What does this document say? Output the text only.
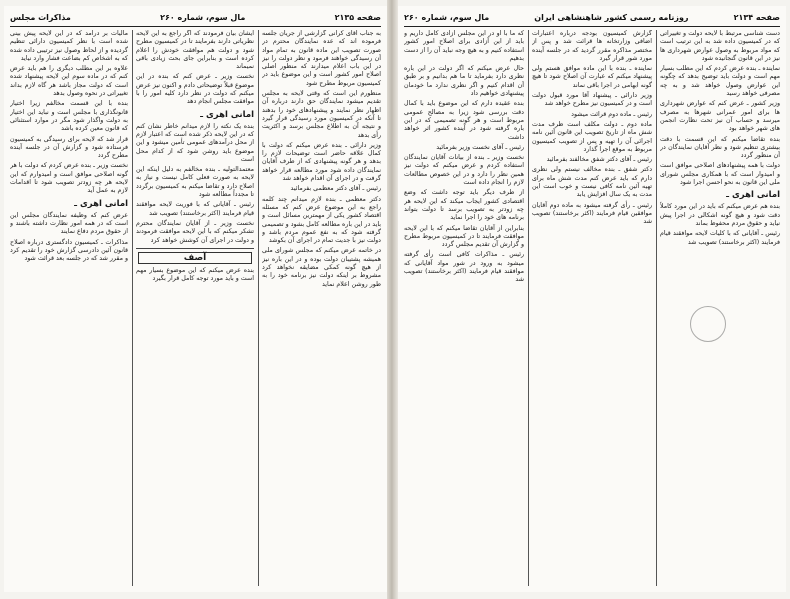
صفحه ۲۱۳۵
مال سوم، شماره ۲۶۰
مذاکرات مجلس

مالیات بر درآمد که در این لایحه پیش بینی شده است با نظر کمیسیون دارائی تنظیم گردیده و از لحاظ وصول نیز ترتیبی داده شده که به اشخاص کم بضاعت فشار وارد نیاید

علاوه بر این مطلب دیگری را هم باید عرض کنم که در ماده سوم این لایحه پیشنهاد شده است که دولت مجاز باشد هر گاه لازم بداند تغییراتی در نحوه وصول بدهد

بنده با این قسمت مخالفم زیرا اختیار قانونگذاری با مجلس است و نباید این اختیار به دولت واگذار شود مگر در موارد استثنائی که قانون معین کرده باشد

قرار شد که لایحه برای رسیدگی به کمیسیون فرستاده شود و گزارش آن در جلسه آینده مطرح گردد

نخست وزیر ـ بنده عرض کردم که دولت با هر گونه اصلاحی موافق است و امیدوارم که این لایحه هر چه زودتر تصویب شود تا اقدامات لازم به عمل آید

امانی اهری ـ

عرض کنم که وظیفه نمایندگان مجلس این است که در همه امور نظارت داشته باشند و از حقوق مردم دفاع نمایند

مذاکرات ـ کمیسیون دادگستری درباره اصلاح قانون آئین دادرسی گزارش خود را تقدیم کرد و مقرر شد که در جلسه بعد قرائت شود

ایشان بیان فرمودند که اگر راجع به این لایحه نظریاتی دارند بفرمایند تا در کمیسیون مطرح شود و دولت هم موافقت خودش را اعلام کرده است و بنابراین جای بحث زیادی باقی نمیماند

نخست وزیر ـ عرض کنم که بنده در این موضوع قبلاً توضیحاتی دادم و اکنون نیز عرض میکنم که دولت در نظر دارد کلیه امور را با موافقت مجلس انجام دهد

امانی اهری ـ

بنده یک نکته را لازم میدانم خاطر نشان کنم که در این لایحه ذکر شده است که اعتبار لازم از محل درآمدهای عمومی تأمین میشود و این موضوع باید روشن شود که از کدام محل است

معتمدالتولیه ـ بنده مخالفم به دلیل اینکه این لایحه به صورت فعلی کامل نیست و نیاز به اصلاح دارد و تقاضا میکنم به کمیسیون برگردد تا مجدداً مطالعه شود

رئیس ـ آقایانی که با فوریت لایحه موافقند قیام فرمایند (اکثر برخاستند) تصویب شد

نخست وزیر ـ از آقایان نمایندگان محترم تشکر میکنم که با این لایحه موافقت فرمودند و دولت در اجرای آن کوشش خواهد کرد

آصف

بنده عرض میکنم که این موضوع بسیار مهم است و باید مورد توجه کامل قرار بگیرد

به جناب آقای کرانی گزارشی از جریان جلسه فرموده اند که عده نمایندگان محترم در صورت تصویب این ماده قانون به تمام مواد آن رسیدگی خواهند فرمود و نظر دولت را نیز در این باب اعلام میدارند که منظور اصلی اصلاح امور کشور است و این موضوع باید در کمیسیون مربوط مطرح شود

منظورم این است که وقتی لایحه به مجلس تقدیم میشود نمایندگان حق دارند درباره آن اظهار نظر نمایند و پیشنهادهای خود را بدهند تا آنکه در کمیسیون مورد رسیدگی قرار گیرد و نتیجه آن به اطلاع مجلس برسد و اکثریت رأی بدهد

وزیر دارائی ـ بنده عرض میکنم که دولت با کمال علاقه حاضر است توضیحات لازم را بدهد و هر گونه پیشنهادی که از طرف آقایان نمایندگان داده شود مورد مطالعه قرار خواهد گرفت و در اجرای آن اقدام خواهد شد

رئیس ـ آقای دکتر معظمی بفرمائید

دکتر معظمی ـ بنده لازم میدانم چند کلمه راجع به این موضوع عرض کنم که مسئله اقتصاد کشور یکی از مهمترین مسائل است و باید در این باره مطالعه کامل بشود و تصمیمی گرفته شود که به نفع عموم مردم باشد و دولت نیز با جدیت تمام در اجرای آن بکوشد

در خاتمه عرض میکنم که مجلس شورای ملی همیشه پشتیبان دولت بوده و در این باره نیز از هیچ گونه کمکی مضایقه نخواهد کرد مشروط بر اینکه دولت نیز برنامه خود را به طور روشن اعلام نماید

صفحه ۲۱۳۴
روزنامه رسمی کشور شاهنشاهی ایران
مال سوم، شماره ۲۶۰

که ما با او در این مجلس آزادی کامل داریم و باید از این آزادی برای اصلاح امور کشور استفاده کنیم و به هیچ وجه نباید آن را از دست بدهیم

حال عرض میکنم که اگر دولت در این باره نظری دارد بفرماید تا ما هم بدانیم و بر طبق آن اقدام کنیم و اگر نظری ندارد ما خودمان پیشنهادی خواهیم داد

بنده عقیده دارم که این موضوع باید با کمال دقت بررسی شود زیرا به مصالح عمومی مربوط است و هر گونه تصمیمی که در این باره گرفته شود در آینده کشور اثر خواهد داشت

رئیس ـ آقای نخست وزیر بفرمائید

نخست وزیر ـ بنده از بیانات آقایان نمایندگان استفاده کردم و عرض میکنم که دولت نیز همین نظر را دارد و در این خصوص مطالعات لازم را انجام داده است

از طرف دیگر باید توجه داشت که وضع اقتصادی کشور ایجاب میکند که این لایحه هر چه زودتر به تصویب برسد تا دولت بتواند برنامه های خود را اجرا نماید

بنابراین از آقایان تقاضا میکنم که با این لایحه موافقت فرمایند تا در کمیسیون مربوط مطرح و گزارش آن تقدیم مجلس گردد

رئیس ـ مذاکرات کافی است رأی گرفته میشود به ورود در شور مواد آقایانی که موافقند قیام فرمایند (اکثر برخاستند) تصویب شد

گزارش کمیسیون بودجه درباره اعتبارات اضافی وزارتخانه ها قرائت شد و پس از مختصر مذاکره مقرر گردید که در جلسه آینده مورد شور قرار گیرد

نماینده ـ بنده با این ماده موافق هستم ولی پیشنهاد میکنم که عبارت آن اصلاح شود تا هیچ گونه ابهامی در اجرا باقی نماند

وزیر دارائی ـ پیشنهاد آقا مورد قبول دولت است و در کمیسیون نیز مطرح خواهد شد

رئیس ـ ماده دوم قرائت میشود

ماده دوم ـ دولت مکلف است ظرف مدت شش ماه از تاریخ تصویب این قانون آئین نامه اجرائی آن را تهیه و پس از تصویب کمیسیون مربوط به موقع اجرا گذارد

رئیس ـ آقای دکتر شفق مخالفند بفرمائید

دکتر شفق ـ بنده مخالف نیستم ولی نظری دارم که باید عرض کنم مدت شش ماه برای تهیه آئین نامه کافی نیست و خوب است این مدت به یک سال افزایش یابد

رئیس ـ رأی گرفته میشود به ماده دوم آقایان موافقین قیام فرمایند (اکثر برخاستند) تصویب شد

دست شناسی مرتبط با لایحه دولت و تغییراتی که در کمیسیون داده شد به این ترتیب است که مواد مربوط به وصول عوارض شهرداری ها نیز در این قانون گنجانیده شود

نماینده ـ بنده عرض کردم که این مطلب بسیار مهم است و دولت باید توضیح بدهد که چگونه این عوارض وصول خواهد شد و به چه مصرفی خواهد رسید

وزیر کشور ـ عرض کنم که عوارض شهرداری ها برای امور عمرانی شهرها به مصرف میرسد و حساب آن نیز تحت نظارت انجمن های شهر خواهد بود

بنده تقاضا میکنم که این قسمت با دقت بیشتری تنظیم شود و نظر آقایان نمایندگان در آن منظور گردد

دولت با همه پیشنهادهای اصلاحی موافق است و امیدوار است که با همکاری مجلس شورای ملی این قانون به نحو احسن اجرا شود

امانی اهری ـ

بنده هم عرض میکنم که باید در این مورد کاملاً دقت شود و هیچ گونه اشکالی در اجرا پیش نیاید و حقوق مردم محفوظ بماند

رئیس ـ آقایانی که با کلیات لایحه موافقند قیام فرمایند (اکثر برخاستند) تصویب شد
